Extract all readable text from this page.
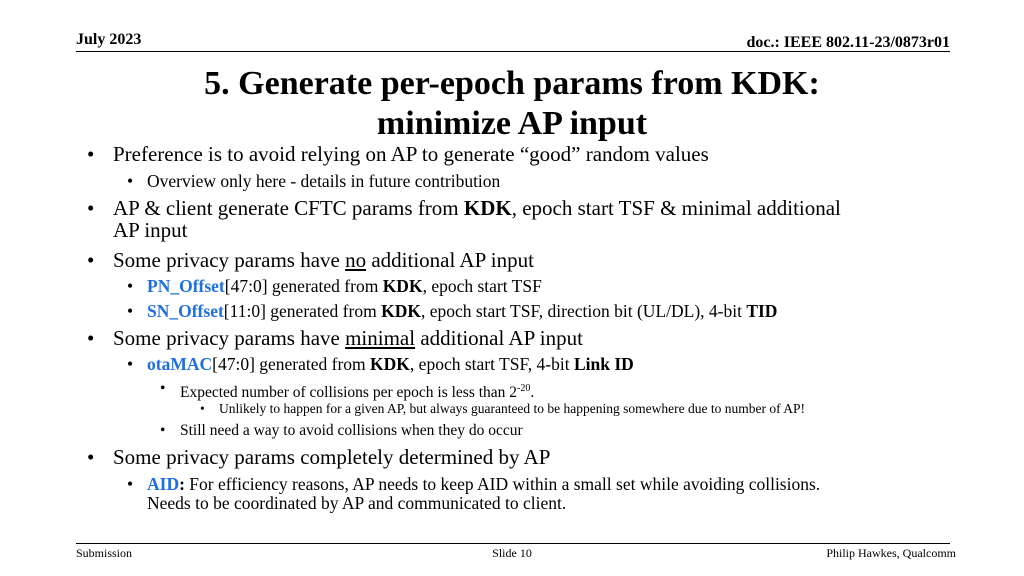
July 2023	doc.: IEEE 802.11-23/0873r01
5. Generate per-epoch params from KDK:
minimize AP input
• Preference is to avoid relying on AP to generate “good” random values
• Overview only here - details in future contribution
• AP & client generate CFTC params from KDK, epoch start TSF & minimal additional
AP input
• Some privacy params have no additional AP input
• PN_Offset[47:0] generated from KDK, epoch start TSF
• SN_Offset[11:0] generated from KDK, epoch start TSF, direction bit (UL/DL), 4-bit TID
• Some privacy params have minimal additional AP input
• otaMAC[47:0] generated from KDK, epoch start TSF, 4-bit Link ID
• Expected number of collisions per epoch is less than $2^{-20}$.
• Unlikely to happen for a given AP, but always guaranteed to be happening somewhere due to number of AP!
• Still need a way to avoid collisions when they do occur
• Some privacy params completely determined by AP
• AID: For efficiency reasons, AP needs to keep AID within a small set while avoiding collisions.
Needs to be coordinated by AP and communicated to client.
Submission	Slide 10	Philip Hawkes, Qualcomm
